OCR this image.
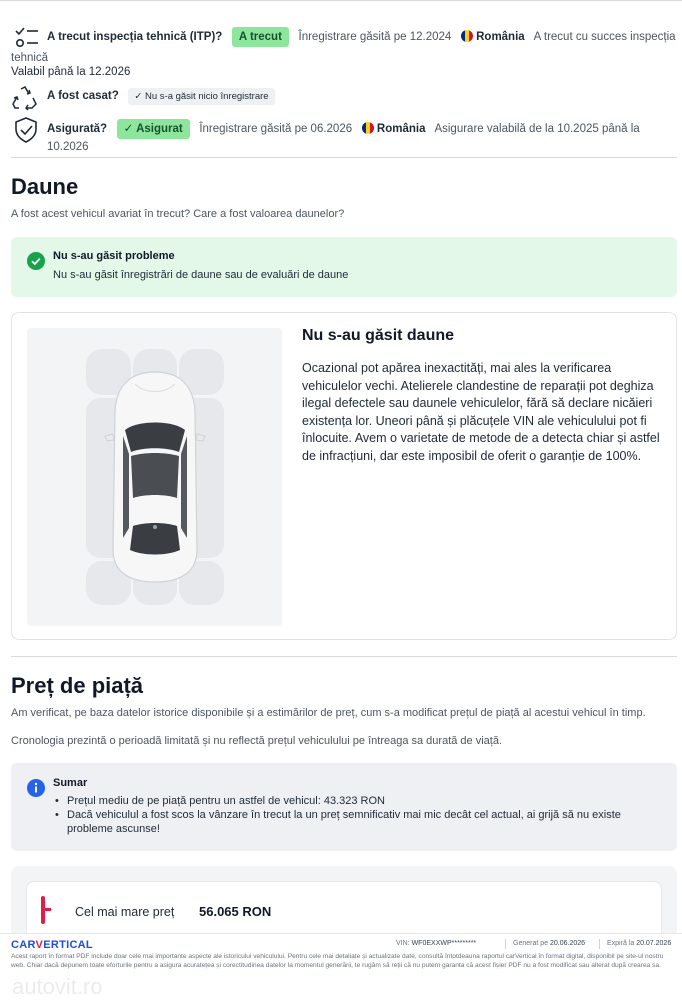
A trecut inspecția tehnică (ITP)? A trecut Înregistrare găsită pe 12.2024 România A trecut cu succes inspecția
tehnică
Valabil până la 12.2026
A fost casat? ✓ Nu s-a găsit nicio înregistrare
Asigurată? ✓ Asigurat Înregistrare găsită pe 06.2026 România Asigurare valabilă de la 10.2025 până la 10.2026
Daune
A fost acest vehicul avariat în trecut? Care a fost valoarea daunelor?
Nu s-au găsit probleme
Nu s-au găsit înregistrări de daune sau de evaluări de daune
Nu s-au găsit daune

Ocazional pot apărea inexactități, mai ales la verificarea vehiculelor vechi. Atelierele clandestine de reparații pot deghiza ilegal defectele sau daunele vehiculelor, fără să declare nicăieri existența lor. Uneori până și plăcuțele VIN ale vehiculului pot fi înlocuite. Avem o varietate de metode de a detecta chiar și astfel de infracțiuni, dar este imposibil de oferit o garanție de 100%.

Preț de piață
Am verificat, pe baza datelor istorice disponibile și a estimărilor de preț, cum s-a modificat prețul de piață al acestui vehicul în timp.
Cronologia prezintă o perioadă limitată și nu reflectă prețul vehiculului pe întreaga sa durată de viață.
Sumar
• Prețul mediu de pe piață pentru un astfel de vehicul: 43.323 RON
• Dacă vehiculul a fost scos la vânzare în trecut la un preț semnificativ mai mic decât cel actual, ai grijă să nu existe probleme ascunse!
Cel mai mare preț 56.065 RON
CARVERTICAL	VIN: WF0EXXWP*********	Generat pe 20.06.2026	Expiră la 20.07.2026
Acest raport în format PDF include doar cele mai importante aspecte ale istoricului vehiculului. Pentru cele mai detaliate și actualizate date, consultă întotdeauna raportul carVertical în format digital, disponibil pe site-ul nostru web. Chiar dacă depunem toate eforturile pentru a asigura acuratețea și corectitudinea datelor la momentul generării, te rugăm să reții că nu putem garanta că acest fișier PDF nu a fost modificat sau alterat după crearea sa.
autovit.ro
